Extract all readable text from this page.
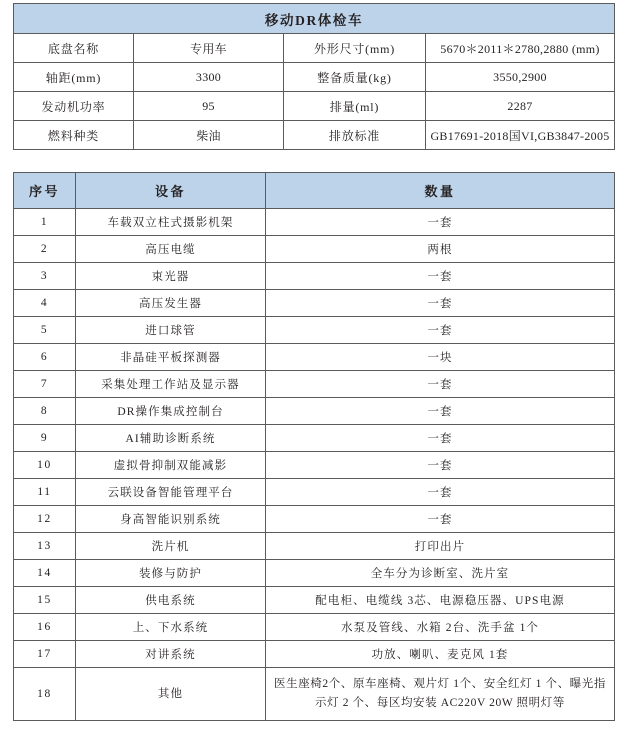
移动DR体检车			
底盘名称	专用车	外形尺寸(mm)	5670＊2011＊2780,2880 (mm)
轴距(mm)	3300	整备质量(kg)	3550,2900
发动机功率	95	排量(ml)	2287
燃料种类	柴油	排放标准	GB17691-2018国VI,GB3847-2005
序号	设备	数量
1	车载双立柱式摄影机架	一套
2	高压电缆	两根
3	束光器	一套
4	高压发生器	一套
5	进口球管	一套
6	非晶硅平板探测器	一块
7	采集处理工作站及显示器	一套
8	DR操作集成控制台	一套
9	AI辅助诊断系统	一套
10	虚拟骨抑制双能减影	一套
11	云联设备智能管理平台	一套
12	身高智能识别系统	一套
13	洗片机	打印出片
14	装修与防护	全车分为诊断室、洗片室
15	供电系统	配电柜、电缆线 3芯、电源稳压器、UPS电源
16	上、下水系统	水泵及管线、水箱 2台、洗手盆 1个
17	对讲系统	功放、喇叭、麦克风 1套
18	其他	医生座椅2个、原车座椅、观片灯 1个、安全红灯 1 个、曝光指示灯 2 个、每区均安装 AC220V 20W 照明灯等
